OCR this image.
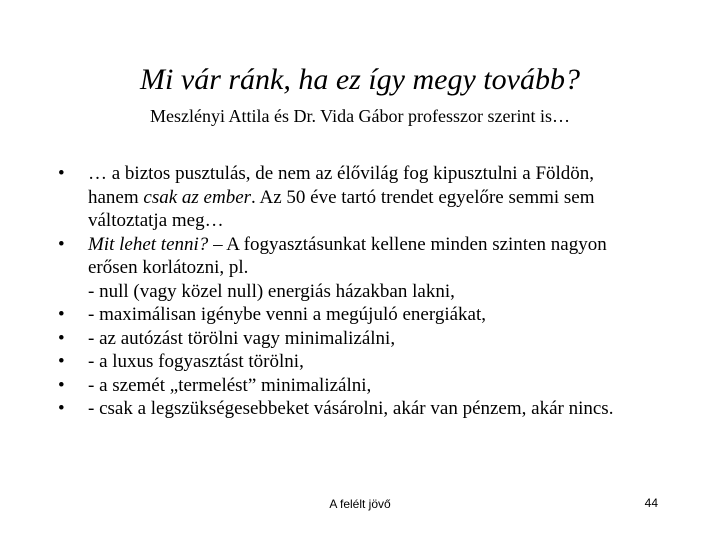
Mi vár ránk, ha ez így megy tovább?
Meszlényi Attila és Dr. Vida Gábor professzor szerint is…
• … a biztos pusztulás, de nem az élővilág fog kipusztulni a Földön,
hanem csak az ember. Az 50 éve tartó trendet egyelőre semmi sem
változtatja meg…
• Mit lehet tenni? – A fogyasztásunkat kellene minden szinten nagyon
erősen korlátozni, pl.
- null (vagy közel null) energiás házakban lakni,
• - maximálisan igénybe venni a megújuló energiákat,
• - az autózást törölni vagy minimalizálni,
• - a luxus fogyasztást törölni,
• - a szemét „termelést” minimalizálni,
• - csak a legszükségesebbeket vásárolni, akár van pénzem, akár nincs.
A felélt jövő	44
